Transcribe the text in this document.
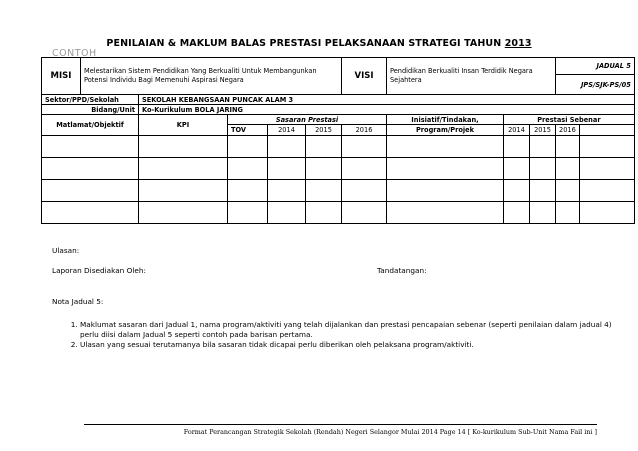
PENILAIAN & MAKLUM BALAS PRESTASI PELAKSANAAN STRATEGI TAHUN 2013
CONTOH
MISI	Melestarikan Sistem Pendidikan Yang Berkualiti Untuk Membangunkan Potensi Individu Bagi Memenuhi Aspirasi Negara					VISI	Pendidikan Berkualiti Insan Terdidik Negara Sejahtera			JADUAL 5	
										JPS/SJK-PS/05	
Sektor/PPD/Sekolah		SEKOLAH KEBANGSAAN PUNCAK ALAM 3									
Bidang/Unit		Ko-Kurikulum BOLA JARING									
Matlamat/Objektif		KPI	Sasaran Prestasi				Inisiatif/Tindakan,	Prestasi Sebenar			
			TOV	2014	2015	2016	Program/Projek	2014	2015	2016	

Ulasan:
Laporan Disediakan Oleh:	Tandatangan:
Nota Jadual 5:
1. Maklumat sasaran dari Jadual 1, nama program/aktiviti yang telah dijalankan dan prestasi pencapaian sebenar (seperti penilaian dalam jadual 4) perlu diisi dalam Jadual 5 seperti contoh pada barisan pertama.
2. Ulasan yang sesuai terutamanya bila sasaran tidak dicapai perlu diberikan oleh pelaksana program/aktiviti.
Format Perancangan Strategik Sekolah (Rendah) Negeri Selangor Mulai 2014 Page 14 [ Ko-kurikulum Sub-Unit Nama Fail ini ]
